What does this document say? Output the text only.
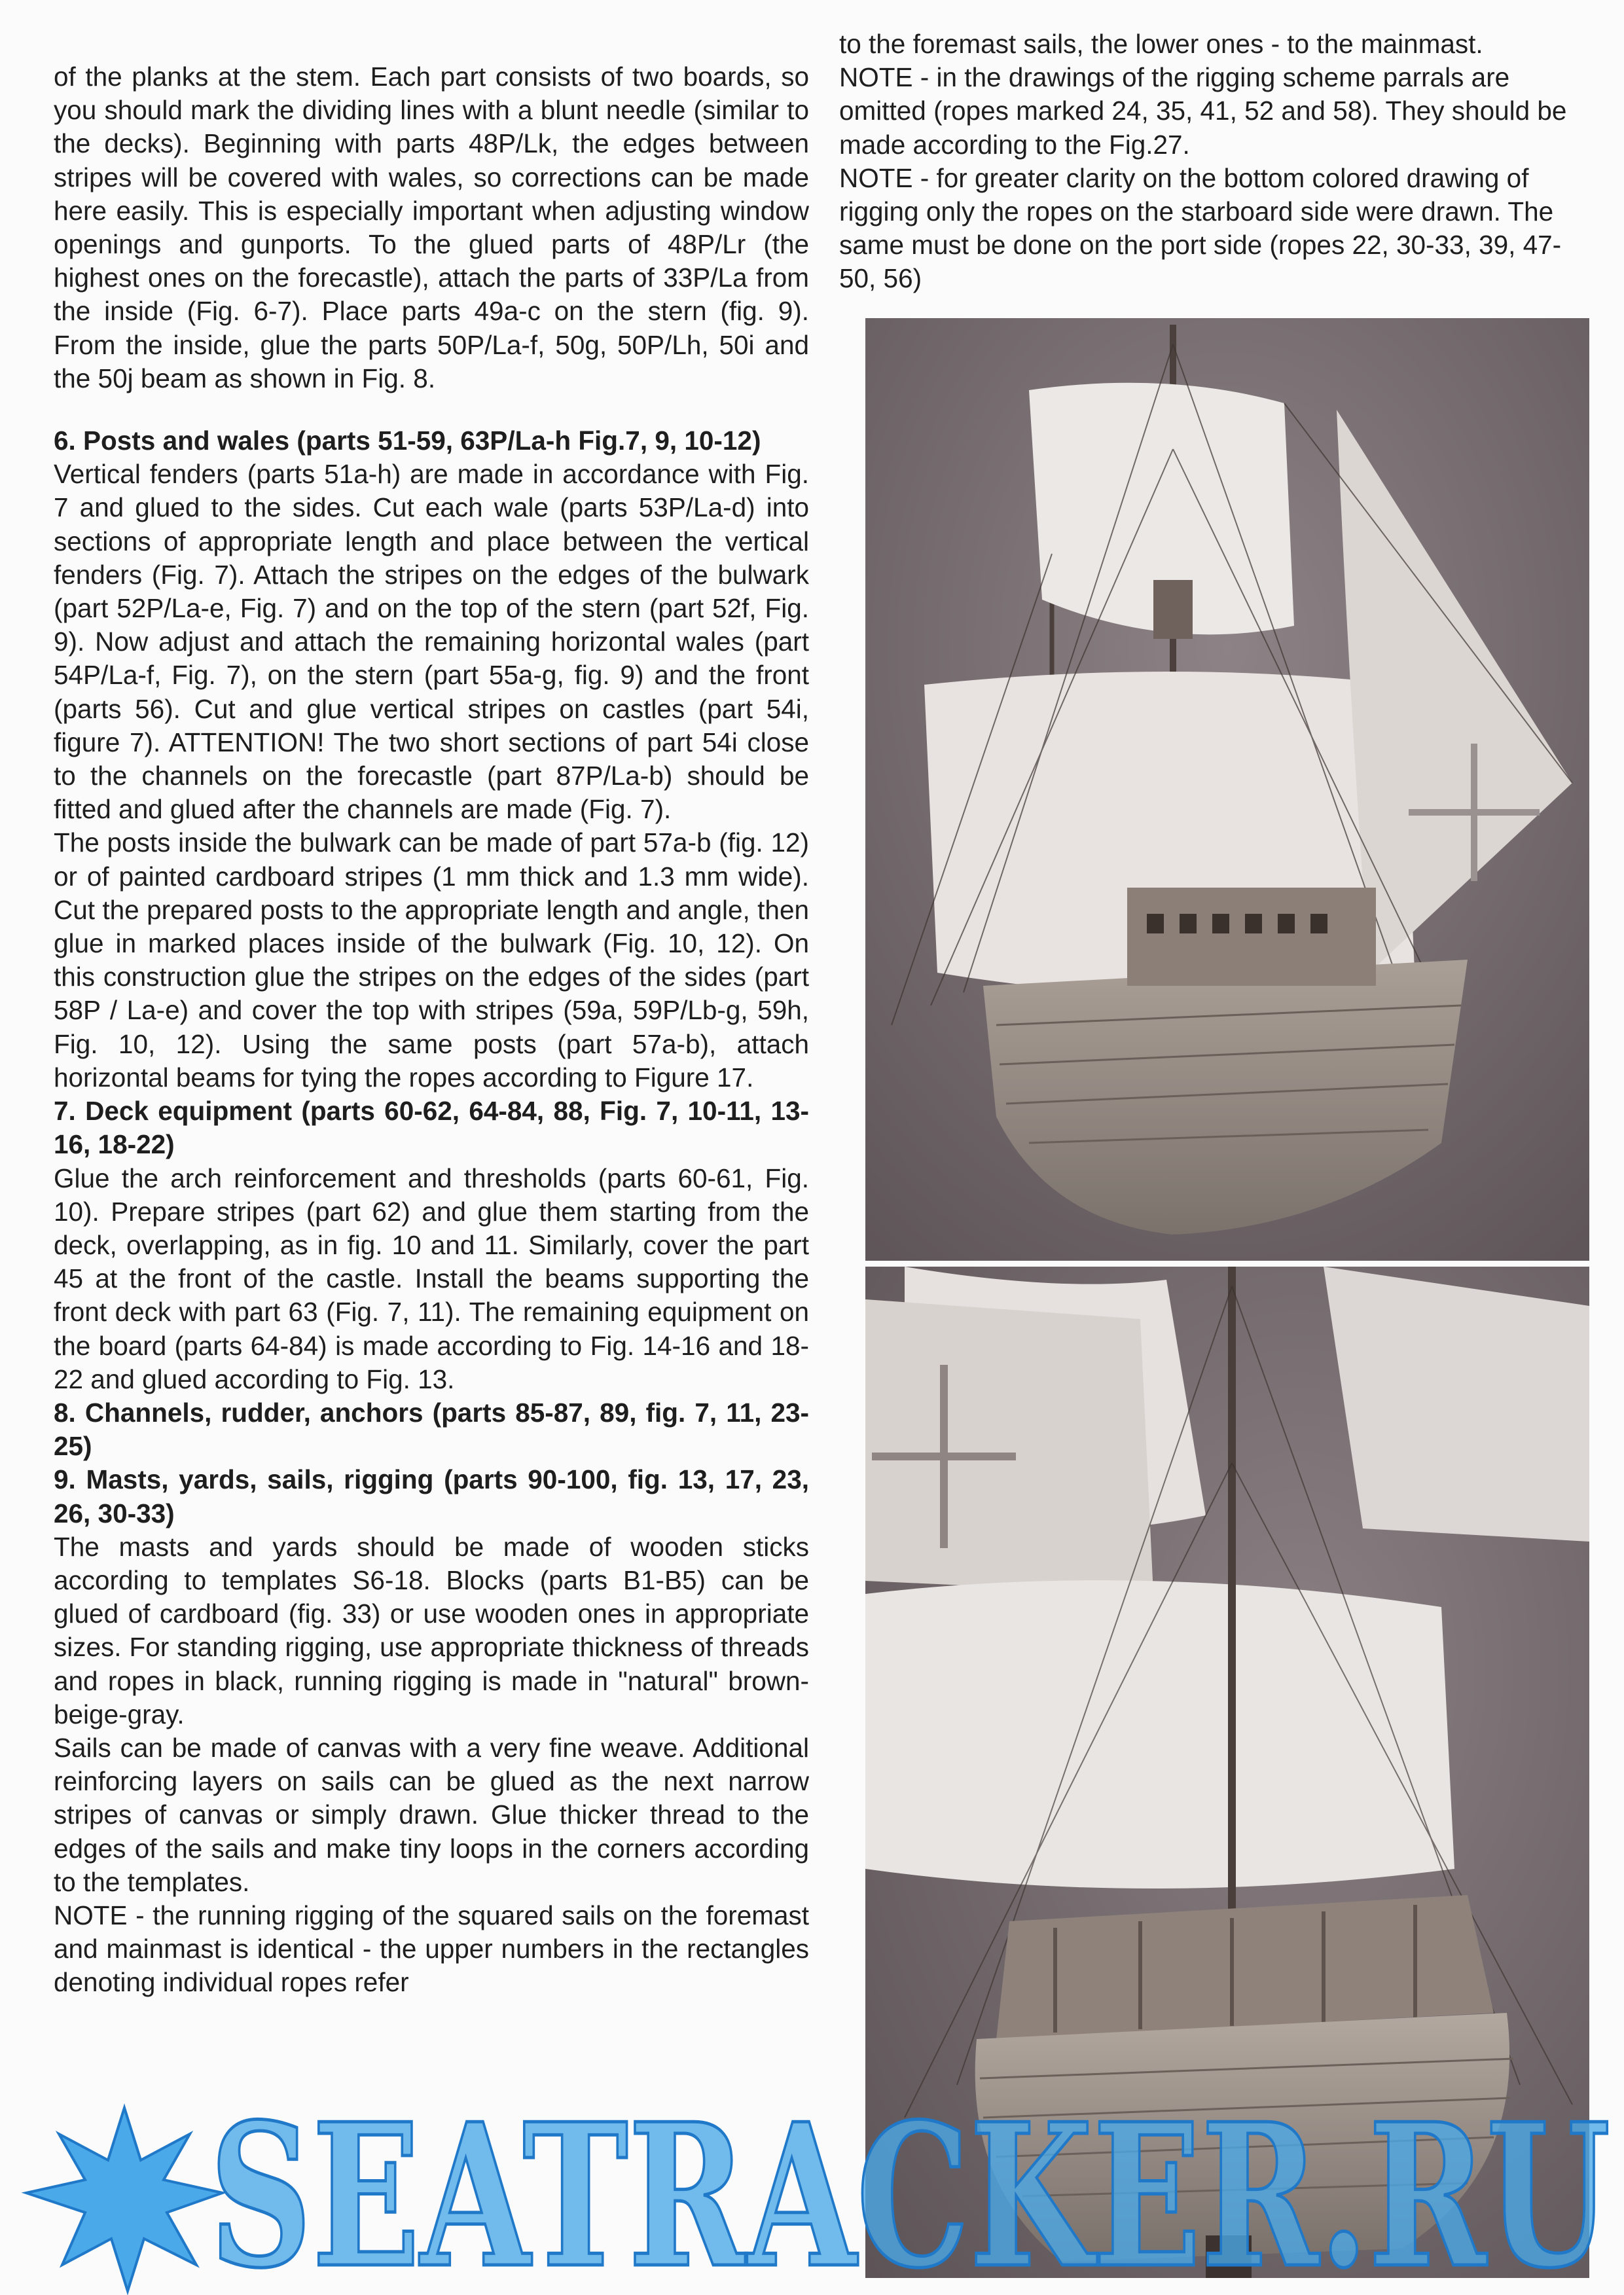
of the planks at the stem. Each part consists of two boards, so you should mark the dividing lines with a blunt needle (similar to the decks). Beginning with parts 48P/Lk, the edges between stripes will be covered with wales, so corrections can be made here easily. This is especially important when adjusting window openings and gunports. To the glued parts of 48P/Lr (the highest ones on the forecastle), attach the parts of 33P/La from the inside (Fig. 6-7). Place parts 49a-c on the stern (fig. 9). From the inside, glue the parts 50P/La-f, 50g, 50P/Lh, 50i and the 50j beam as shown in Fig. 8.

6. Posts and wales (parts 51-59, 63P/La-h Fig.7, 9, 10-12)

Vertical fenders (parts 51a-h) are made in accordance with Fig. 7 and glued to the sides. Cut each wale (parts 53P/La-d) into sections of appropriate length and place between the vertical fenders (Fig. 7). Attach the stripes on the edges of the bulwark (part 52P/La-e, Fig. 7) and on the top of the stern (part 52f, Fig. 9). Now adjust and attach the remaining horizontal wales (part 54P/La-f, Fig. 7), on the stern (part 55a-g, fig. 9) and the front (parts 56). Cut and glue vertical stripes on castles (part 54i, figure 7). ATTENTION! The two short sections of part 54i close to the channels on the forecastle (part 87P/La-b) should be fitted and glued after the channels are made (Fig. 7).

The posts inside the bulwark can be made of part 57a-b (fig. 12) or of painted cardboard stripes (1 mm thick and 1.3 mm wide). Cut the prepared posts to the appropriate length and angle, then glue in marked places inside of the bulwark (Fig. 10, 12). On this construction glue the stripes on the edges of the sides (part 58P / La-e) and cover the top with stripes (59a, 59P/Lb-g, 59h, Fig. 10, 12). Using the same posts (part 57a-b), attach horizontal beams for tying the ropes according to Figure 17.

7. Deck equipment (parts 60-62, 64-84, 88, Fig. 7, 10-11, 13-16, 18-22)

Glue the arch reinforcement and thresholds (parts 60-61, Fig. 10). Prepare stripes (part 62) and glue them starting from the deck, overlapping, as in fig. 10 and 11. Similarly, cover the part 45 at the front of the castle. Install the beams supporting the front deck with part 63 (Fig. 7, 11). The remaining equipment on the board (parts 64-84) is made according to Fig. 14-16 and 18-22 and glued according to Fig. 13.

8. Channels, rudder, anchors (parts 85-87, 89, fig. 7, 11, 23-25)

9. Masts, yards, sails, rigging (parts 90-100, fig. 13, 17, 23, 26, 30-33)

The masts and yards should be made of wooden sticks according to templates S6-18. Blocks (parts B1-B5) can be glued of cardboard (fig. 33) or use wooden ones in appropriate sizes. For standing rigging, use appropriate thickness of threads and ropes in black, running rigging is made in "natural" brown-beige-gray.

Sails can be made of canvas with a very fine weave. Additional reinforcing layers on sails can be glued as the next narrow stripes of canvas or simply drawn. Glue thicker thread to the edges of the sails and make tiny loops in the corners according to the templates.

NOTE - the running rigging of the squared sails on the foremast and mainmast is identical - the upper numbers in the rectangles denoting individual ropes refer

to the foremast sails, the lower ones - to the mainmast.

NOTE - in the drawings of the rigging scheme parrals are omitted (ropes marked 24, 35, 41, 52 and 58). They should be made according to the Fig.27.

NOTE - for greater clarity on the bottom colored drawing of rigging only the ropes on the starboard side were drawn. The same must be done on the port side (ropes 22, 30-33, 39, 47-50, 56)

SEATRACKER.RU
